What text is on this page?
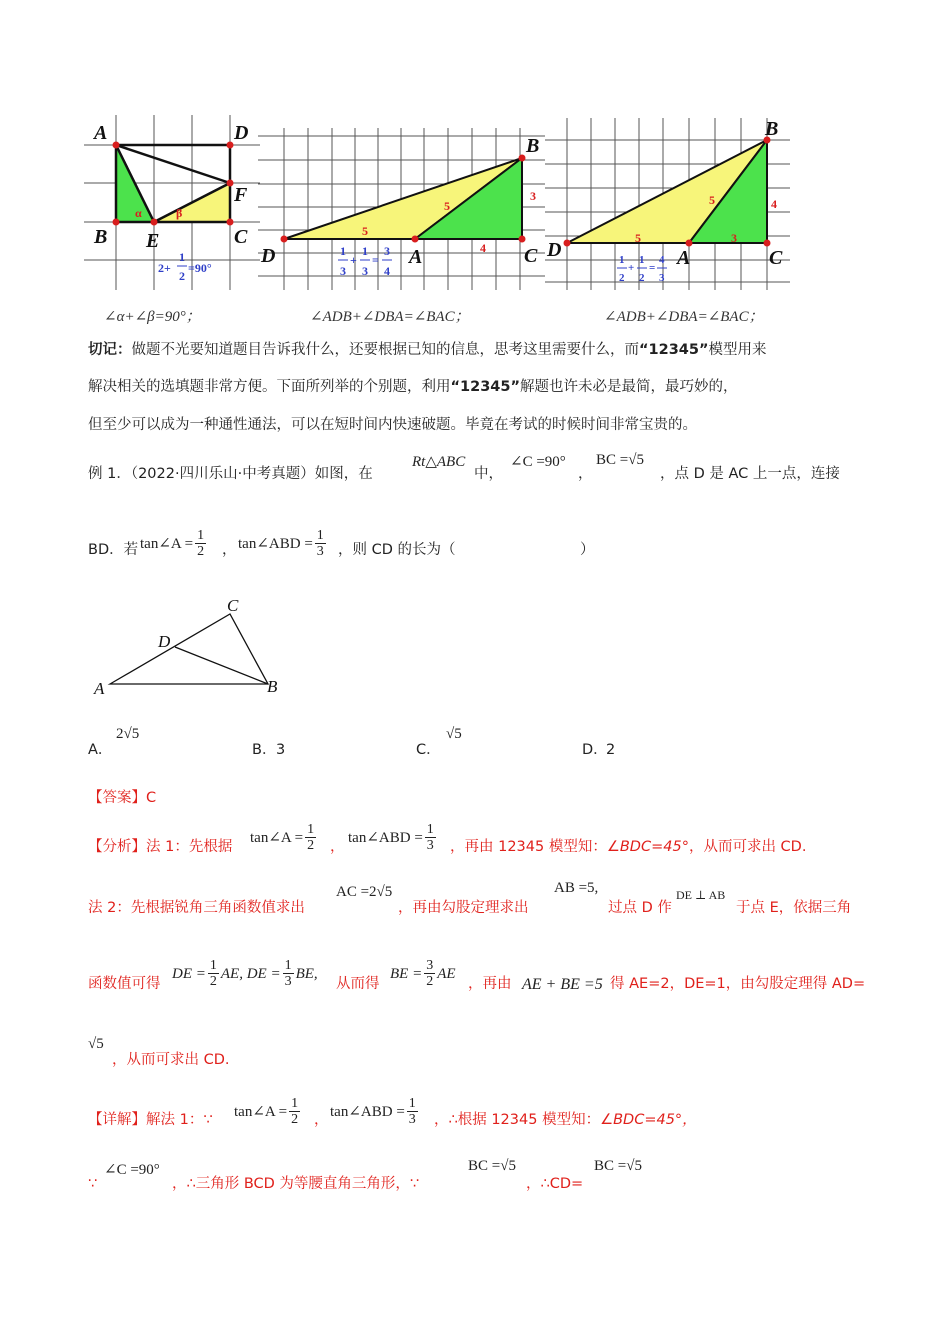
A	D
F
B E	C
α	β
2+
1
2
=90°
B
D	A	C
5
5
3
4
1
3
+
1
3
=
3
4
B
D	A	C
5
5	4
3
1
2
+
1
2
=
4
3
∠α+∠β=90°；	∠ADB+∠DBA=∠BAC；	∠ADB+∠DBA=∠BAC；
切记：做题不光要知道题目告诉我什么，还要根据已知的信息，思考这里需要什么，而“12345”模型用来
解决相关的选填题非常方便。下面所列举的个别题，利用“12345”解题也许未必是最简，最巧妙的，
但至少可以成为一种通性通法，可以在短时间内快速破题。毕竟在考试的时候时间非常宝贵的。
例 1．（2022·四川乐山·中考真题）如图，在
Rt△ABC
中，
∠C =90°
，
BC =√5
，点 D 是 AC 上一点，连接
BD．若 tan∠A = $\frac{1}{2}$ ， tan∠ABD = $\frac{1}{3}$ ，则 CD 的长为（	）
C
D
A	B
A．
2√5
B． 3	C．
√5
D．
2
【答案】C
【分析】法 1：先根据
tan∠A = $\frac{1}{2}$ ，
tan∠ABD = $\frac{1}{3}$ ，再由 12345 模型知：∠BDC=45°，从而可求出 CD.
法 2：先根据锐角三角函数值求出
AC =2√5
，再由勾股定理求出
AB =5,
过点 D 作
DE ⊥ AB
于点 E，依据三角
函数值可得
DE = $\frac{1}{2}$ AE, DE = $\frac{1}{3}$ BE,
从而得
BE = $\frac{3}{2}$ AE
，再由 AE + BE =5 得 AE=2，DE=1，由勾股定理得 AD=
√5
，从而可求出 CD.
【详解】解法 1：∵ tan∠A = $\frac{1}{2}$ ， tan∠ABD = $\frac{1}{3}$ ，∴根据 12345 模型知：∠BDC=45°，
∵
∠C =90°
，∴三角形 BCD 为等腰直角三角形，∵
BC =√5
，∴CD=
BC =√5
